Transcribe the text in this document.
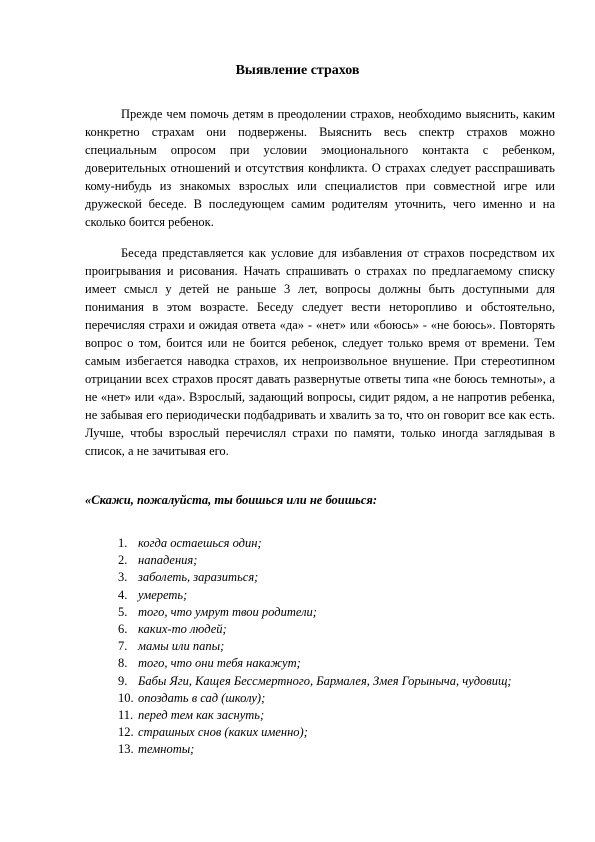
Выявление страхов

Прежде чем помочь детям в преодолении страхов, необходимо выяснить, каким конкретно страхам они подвержены. Выяснить весь спектр страхов можно специальным опросом при условии эмоционального контакта с ребенком, доверительных отношений и отсутствия конфликта. О страхах следует расспрашивать кому-нибудь из знакомых взрослых или специалистов при совместной игре или дружеской беседе. В последующем самим родителям уточнить, чего именно и на сколько боится ребенок.

Беседа представляется как условие для избавления от страхов посредством их проигрывания и рисования. Начать спрашивать о страхах по предлагаемому списку имеет смысл у детей не раньше 3 лет, вопросы должны быть доступными для понимания в этом возрасте. Беседу следует вести неторопливо и обстоятельно, перечисляя страхи и ожидая ответа «да» - «нет» или «боюсь» - «не боюсь». Повторять вопрос о том, боится или не боится ребенок, следует только время от времени. Тем самым избегается наводка страхов, их непроизвольное внушение. При стереотипном отрицании всех страхов просят давать развернутые ответы типа «не боюсь темноты», а не «нет» или «да». Взрослый, задающий вопросы, сидит рядом, а не напротив ребенка, не забывая его периодически подбадривать и хвалить за то, что он говорит все как есть. Лучше, чтобы взрослый перечислял страхи по памяти, только иногда заглядывая в список, а не зачитывая его.

«Скажи, пожалуйста, ты боишься или не боишься:

1. когда остаешься один;
2. нападения;
3. заболеть, заразиться;
4. умереть;
5. того, что умрут твои родители;
6. каких-то людей;
7. мамы или папы;
8. того, что они тебя накажут;
9. Бабы Яги, Кащея Бессмертного, Бармалея, Змея Горыныча, чудовищ;
10. опоздать в сад (школу);
11. перед тем как заснуть;
12. страшных снов (каких именно);
13. темноты;
